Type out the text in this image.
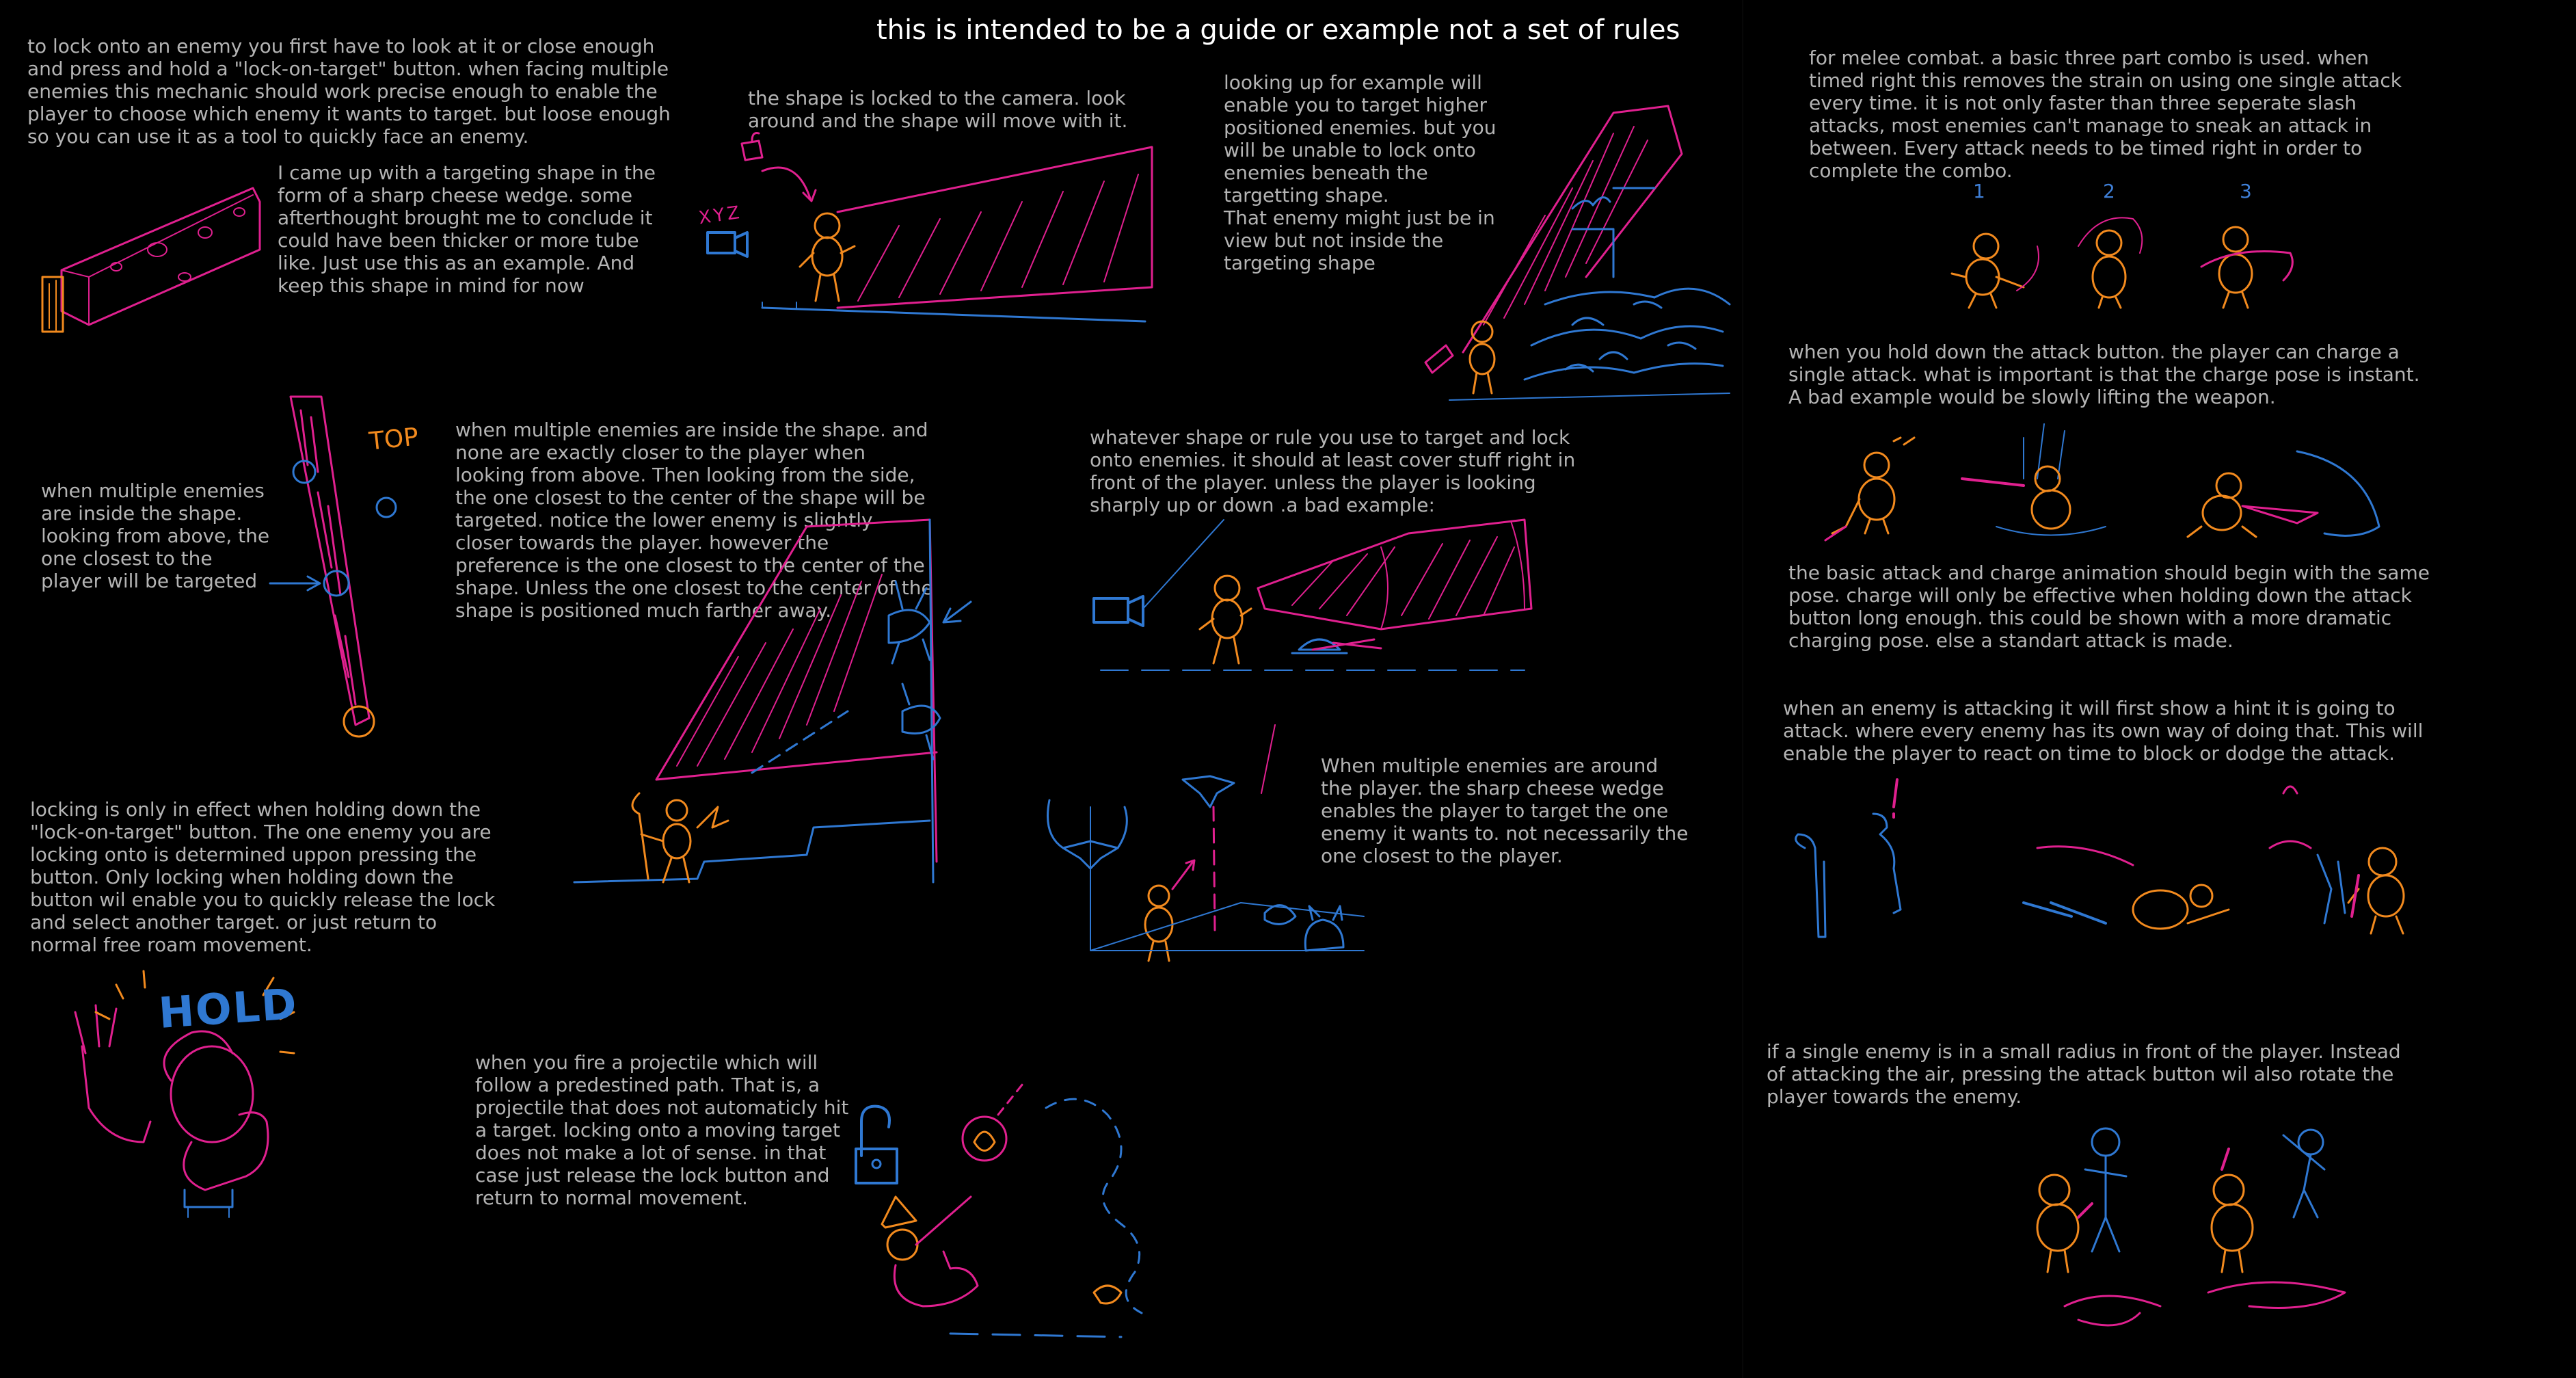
this is intended to be a guide or example not a set of rules

to lock onto an enemy you first have to look at it or close enough and press and hold a "lock-on-target" button. when facing multiple enemies this mechanic should work precise enough to enable the player to choose which enemy it wants to target. but loose enough so you can use it as a tool to quickly face an enemy.

I came up with a targeting shape in the form of a sharp cheese wedge. some afterthought brought me to conclude it could have been thicker or more tube like. Just use this as an example. And keep this shape in mind for now

the shape is locked to the camera. look around and the shape will move with it.

looking up for example will enable you to target higher positioned enemies. but you will be unable to lock onto enemies beneath the targetting shape.
That enemy might just be in view but not inside the targeting shape

when multiple enemies are inside the shape. looking from above, the one closest to the player will be targeted

when multiple enemies are inside the shape. and none are exactly closer to the player when looking from above. Then looking from the side, the one closest to the center of the shape will be targeted. notice the lower enemy is slightly closer towards the player. however the preference is the one closest to the center of the shape. Unless the one closest to the center of the shape is positioned much farther away.

whatever shape or rule you use to target and lock onto enemies. it should at least cover stuff right in front of the player. unless the player is looking sharply up or down .a bad example:

When multiple enemies are around the player. the sharp cheese wedge enables the player to target the one enemy it wants to. not necessarily the one closest to the player.

locking is only in effect when holding down the "lock-on-target" button. The one enemy you are locking onto is determined uppon pressing the button. Only locking when holding down the button wil enable you to quickly release the lock and select another target. or just return to normal free roam movement.

when you fire a projectile which will follow a predestined path. That is, a projectile that does not automaticly hit a target. locking onto a moving target does not make a lot of sense. in that case just release the lock button and return to normal movement.

for melee combat. a basic three part combo is used. when timed right this removes the strain on using one single attack every time. it is not only faster than three seperate slash attacks, most enemies can't manage to sneak an attack in between. Every attack needs to be timed right in order to complete the combo.

when you hold down the attack button. the player can charge a single attack. what is important is that the charge pose is instant. A bad example would be slowly lifting the weapon.

the basic attack and charge animation should begin with the same pose. charge will only be effective when holding down the attack button long enough. this could be shown with a more dramatic charging pose. else a standart attack is made.

when an enemy is attacking it will first show a hint it is going to attack. where every enemy has its own way of doing that. This will enable the player to react on time to block or dodge the attack.

if a single enemy is in a small radius in front of the player. Instead of attacking the air, pressing the attack button wil also rotate the player towards the enemy.

XYZ
TOP
HOLD
1	2	3
